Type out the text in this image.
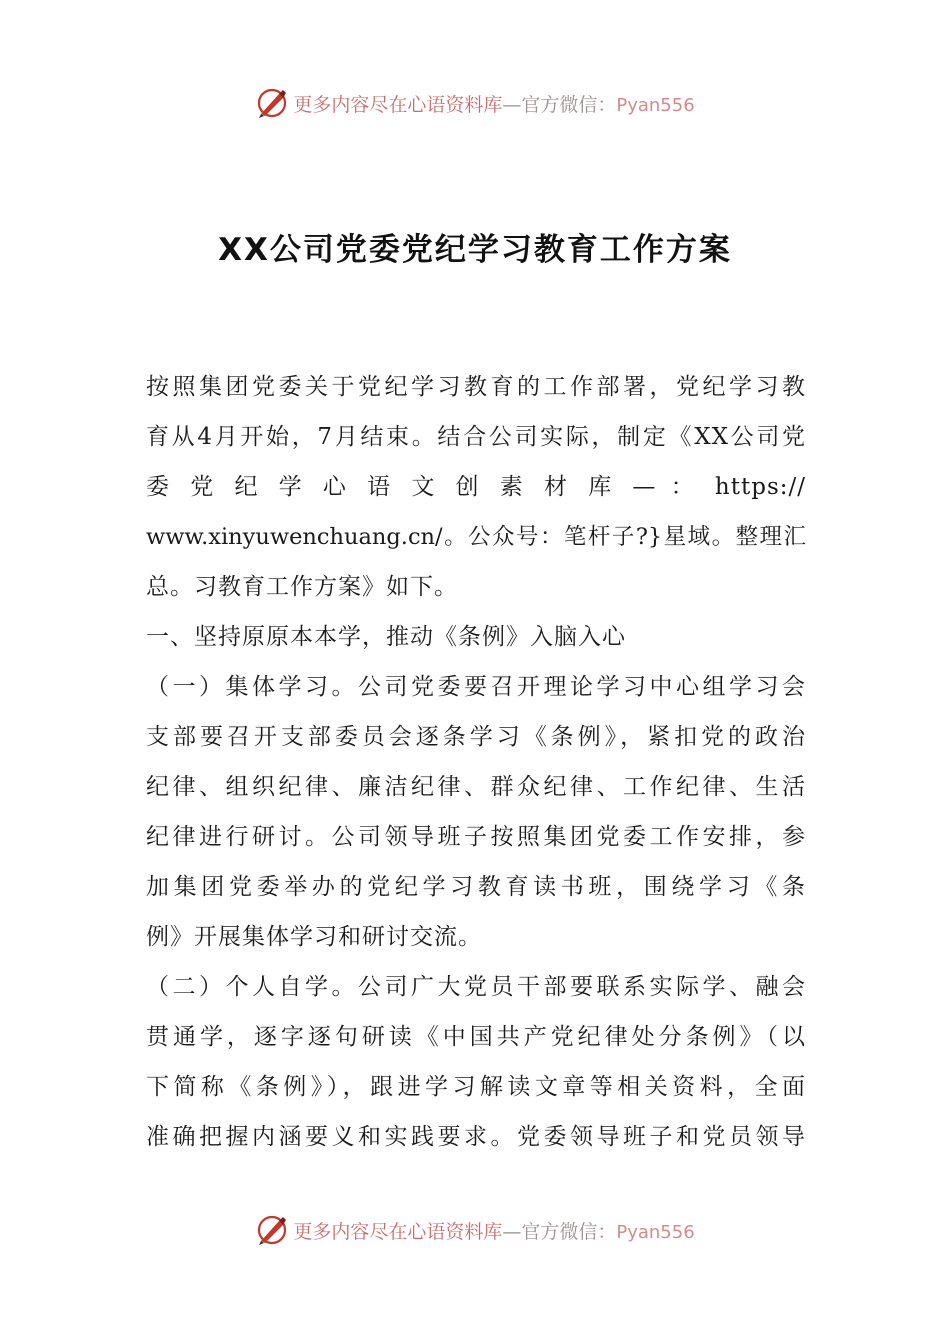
更多内容尽在心语资料库—官方微信：Pyan556
XX公司党委党纪学习教育工作方案
按照集团党委关于党纪学习教育的工作部署，党纪学习教
育从4月开始，7月结束。结合公司实际，制定《XX公司党
委 党 纪 学 心 语 文 创 素 材 库 — ： https://
www.xinyuwenchuang.cn/。公众号：笔杆子?}星域。整理汇
总。习教育工作方案》如下。
一、坚持原原本本学，推动《条例》入脑入心
（一）集体学习。公司党委要召开理论学习中心组学习会
支部要召开支部委员会逐条学习《条例》，紧扣党的政治
纪律、组织纪律、廉洁纪律、群众纪律、工作纪律、生活
纪律进行研讨。公司领导班子按照集团党委工作安排，参
加集团党委举办的党纪学习教育读书班，围绕学习《条
例》开展集体学习和研讨交流。
（二）个人自学。公司广大党员干部要联系实际学、融会
贯通学，逐字逐句研读《中国共产党纪律处分条例》（以
下简称《条例》），跟进学习解读文章等相关资料，全面
准确把握内涵要义和实践要求。党委领导班子和党员领导
更多内容尽在心语资料库—官方微信：Pyan556
